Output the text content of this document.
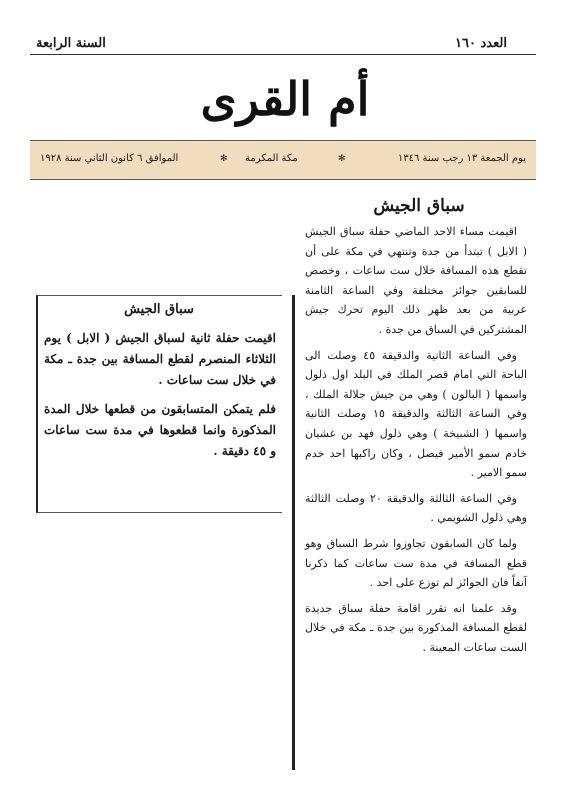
العدد ١٦٠
السنة الرابعة
أم القرى
يوم الجمعة ١٣ رجب سنة ١٣٤٦
✻
مكة المكرمة
✻
الموافق ٦ كانون الثاني سنة ١٩٢٨
سباق الجيش

اقيمت مساء الاحد الماضي حفلة سباق الجيش ( الابل ) تبتدأ من جدة وتنتهي في مكة على أن تقطع هذه المسافة خلال ست ساعات ، وخصص للسابقين جوائز مختلفة وفي الساعة الثامنة عربية من بعد ظهر ذلك اليوم تحرك جيش المشتركين في السباق من جدة .

وفي الساعة الثانية والدقيقة ٤٥ وصلت الى الباحة التي امام قصر الملك في البلد اول ذلول واسمها ( البالون ) وهي من جيش جلالة الملك ، وفي الساعة الثالثة والدقيقة ١٥ وصلت الثانية واسمها ( الشبيخة ) وهي ذلول فهد بن غشيان خادم سمو الأمير فيصل ، وكان راكبها احد خدم سمو الامير .

وفي الساعة الثالثة والدقيقة ٢٠ وصلت الثالثة وهي ذلول الشويمي .

ولما كان السابقون تجاوزوا شرط السباق وهو قطع المسافة في مدة ست ساعات كما ذكرنا آنفاً فان الجوائز لم توزع على احد .

وقد علمنا انه تقرر اقامة حفلة سباق جديدة لقطع المسافة المذكورة بين جدة ـ مكة في خلال الست ساعات المعينة .

سباق الجيش

اقيمت حفلة ثانية لسباق الجيش ( الابل ) يوم الثلاثاء المنصرم لقطع المسافة بين جدة ـ مكة في خلال ست ساعات .

فلم يتمكن المتسابقون من قطعها خلال المدة المذكورة وانما قطعوها في مدة ست ساعات و ٤٥ دقيقة .
